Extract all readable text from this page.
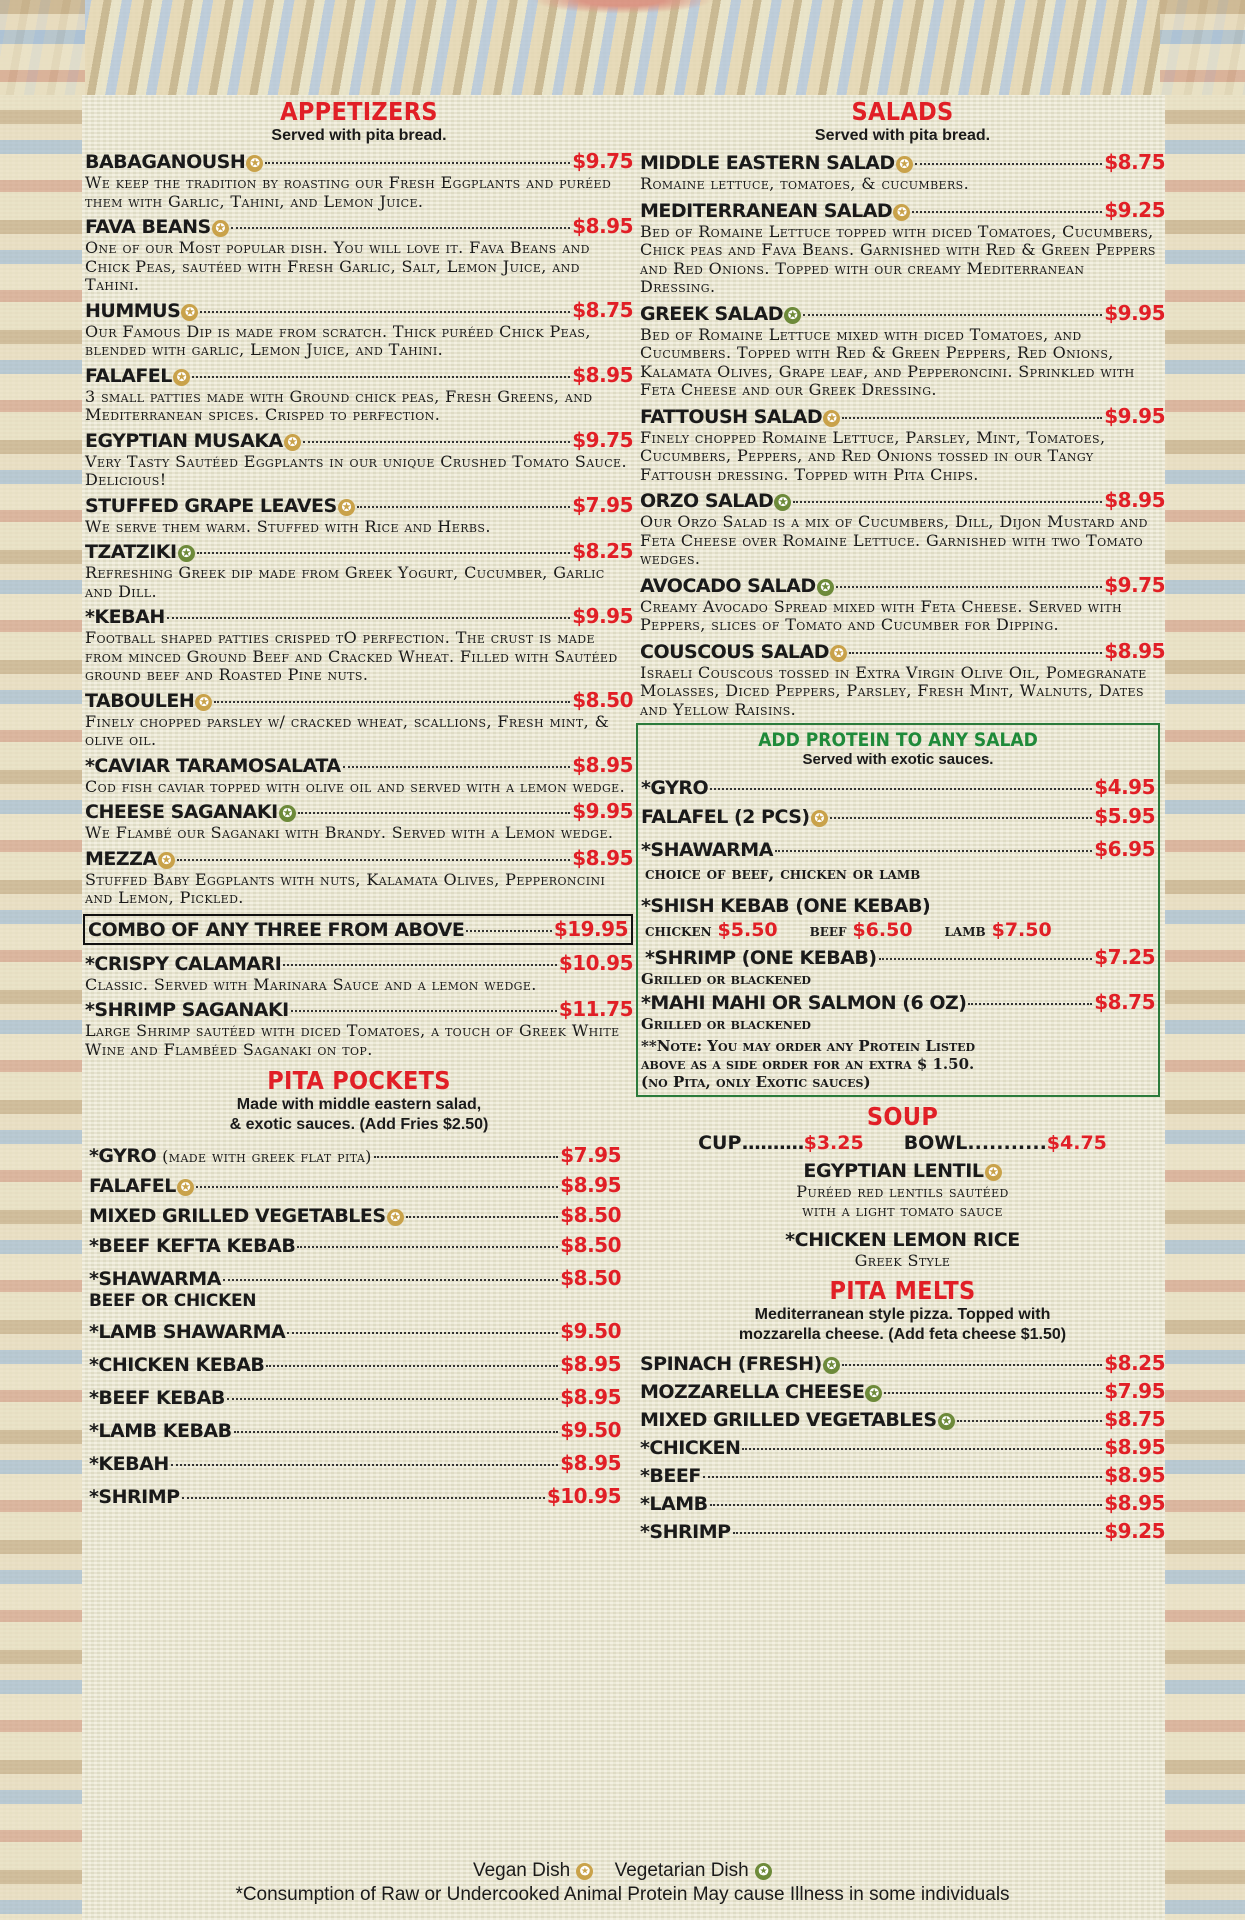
APPETIZERS
Served with pita bread.
BABAGANOUSH ✪	$9.75
We keep the tradition by roasting our Fresh Eggplants and puréed them with Garlic, Tahini, and Lemon Juice.
FAVA BEANS ✪	$8.95
One of our Most popular dish. You will love it. Fava Beans and Chick Peas, sautéed with Fresh Garlic, Salt, Lemon Juice, and Tahini.
HUMMUS ✪	$8.75
Our Famous Dip is made from scratch. Thick puréed Chick Peas, blended with garlic, Lemon Juice, and Tahini.
FALAFEL ✪	$8.95
3 small patties made with Ground chick peas, Fresh Greens, and Mediterranean spices. Crisped to perfection.
EGYPTIAN MUSAKA ✪	$9.75
Very Tasty Sautéed Eggplants in our unique Crushed Tomato Sauce. Delicious!
STUFFED GRAPE LEAVES ✪	$7.95
We serve them warm. Stuffed with Rice and Herbs.
TZATZIKI ✪	$8.25
Refreshing Greek dip made from Greek Yogurt, Cucumber, Garlic and Dill.
*KEBAH	$9.95
Football shaped patties crisped tO perfection. The crust is made from minced Ground Beef and Cracked Wheat. Filled with Sautéed ground beef and Roasted Pine nuts.
TABOULEH ✪	$8.50
Finely chopped parsley w/ cracked wheat, scallions, Fresh mint, & olive oil.
*CAVIAR TARAMOSALATA	$8.95
Cod fish caviar topped with olive oil and served with a lemon wedge.
CHEESE SAGANAKI ✪	$9.95
We Flambé our Saganaki with Brandy. Served with a Lemon wedge.
MEZZA ✪	$8.95
Stuffed Baby Eggplants with nuts, Kalamata Olives, Pepperoncini and Lemon, Pickled.
COMBO OF ANY THREE FROM ABOVE	$19.95
*CRISPY CALAMARI	$10.95
Classic. Served with Marinara Sauce and a lemon wedge.
*SHRIMP SAGANAKI	$11.75
Large Shrimp sautéed with diced Tomatoes, a touch of Greek White Wine and Flambéed Saganaki on top.
PITA POCKETS
Made with middle eastern salad,
& exotic sauces. (Add Fries $2.50)
*GYRO (made with greek flat pita)	$7.95
FALAFEL ✪	$8.95
MIXED GRILLED VEGETABLES ✪	$8.50
*BEEF KEFTA KEBAB	$8.50
*SHAWARMA	$8.50
BEEF OR CHICKEN
*LAMB SHAWARMA	$9.50
*CHICKEN KEBAB	$8.95
*BEEF KEBAB	$8.95
*LAMB KEBAB	$9.50
*KEBAH	$8.95
*SHRIMP	$10.95
SALADS
Served with pita bread.
MIDDLE EASTERN SALAD ✪	$8.75
Romaine lettuce, tomatoes, & cucumbers.
MEDITERRANEAN SALAD ✪	$9.25
Bed of Romaine Lettuce topped with diced Tomatoes, Cucumbers, Chick peas and Fava Beans. Garnished with Red & Green Peppers and Red Onions. Topped with our creamy Mediterranean Dressing.
GREEK SALAD ✪	$9.95
Bed of Romaine Lettuce mixed with diced Tomatoes, and Cucumbers. Topped with Red & Green Peppers, Red Onions, Kalamata Olives, Grape leaf, and Pepperoncini. Sprinkled with Feta Cheese and our Greek Dressing.
FATTOUSH SALAD ✪	$9.95
Finely chopped Romaine Lettuce, Parsley, Mint, Tomatoes, Cucumbers, Peppers, and Red Onions tossed in our Tangy Fattoush dressing. Topped with Pita Chips.
ORZO SALAD ✪	$8.95
Our Orzo Salad is a mix of Cucumbers, Dill, Dijon Mustard and Feta Cheese over Romaine Lettuce. Garnished with two Tomato wedges.
AVOCADO SALAD ✪	$9.75
Creamy Avocado Spread mixed with Feta Cheese. Served with Peppers, slices of Tomato and Cucumber for Dipping.
COUSCOUS SALAD ✪	$8.95
Israeli Couscous tossed in Extra Virgin Olive Oil, Pomegranate Molasses, Diced Peppers, Parsley, Fresh Mint, Walnuts, Dates and Yellow Raisins.
ADD PROTEIN TO ANY SALAD
Served with exotic sauces.
*GYRO	$4.95
FALAFEL (2 PCS) ✪	$5.95
*SHAWARMA	$6.95
choice of beef, chicken or lamb
*SHISH KEBAB (ONE KEBAB)
chicken $5.50 beef $6.50 lamb $7.50
*SHRIMP (ONE KEBAB)	$7.25
Grilled or blackened
*MAHI MAHI OR SALMON (6 OZ)	$8.75
Grilled or blackened
**Note: You may order any Protein Listed
above as a side order for an extra $ 1.50.
(no Pita, only Exotic sauces)
SOUP
CUP..........$3.25 BOWL...........$4.75
EGYPTIAN LENTIL ✪
Puréed red lentils sautéed
with a light tomato sauce
*CHICKEN LEMON RICE
Greek Style
PITA MELTS
Mediterranean style pizza. Topped with
mozzarella cheese. (Add feta cheese $1.50)
SPINACH (FRESH) ✪	$8.25
MOZZARELLA CHEESE ✪	$7.95
MIXED GRILLED VEGETABLES ✪	$8.75
*CHICKEN	$8.95
*BEEF	$8.95
*LAMB	$8.95
*SHRIMP	$9.25
Vegan Dish ✪ Vegetarian Dish ✪
*Consumption of Raw or Undercooked Animal Protein May cause Illness in some individuals
